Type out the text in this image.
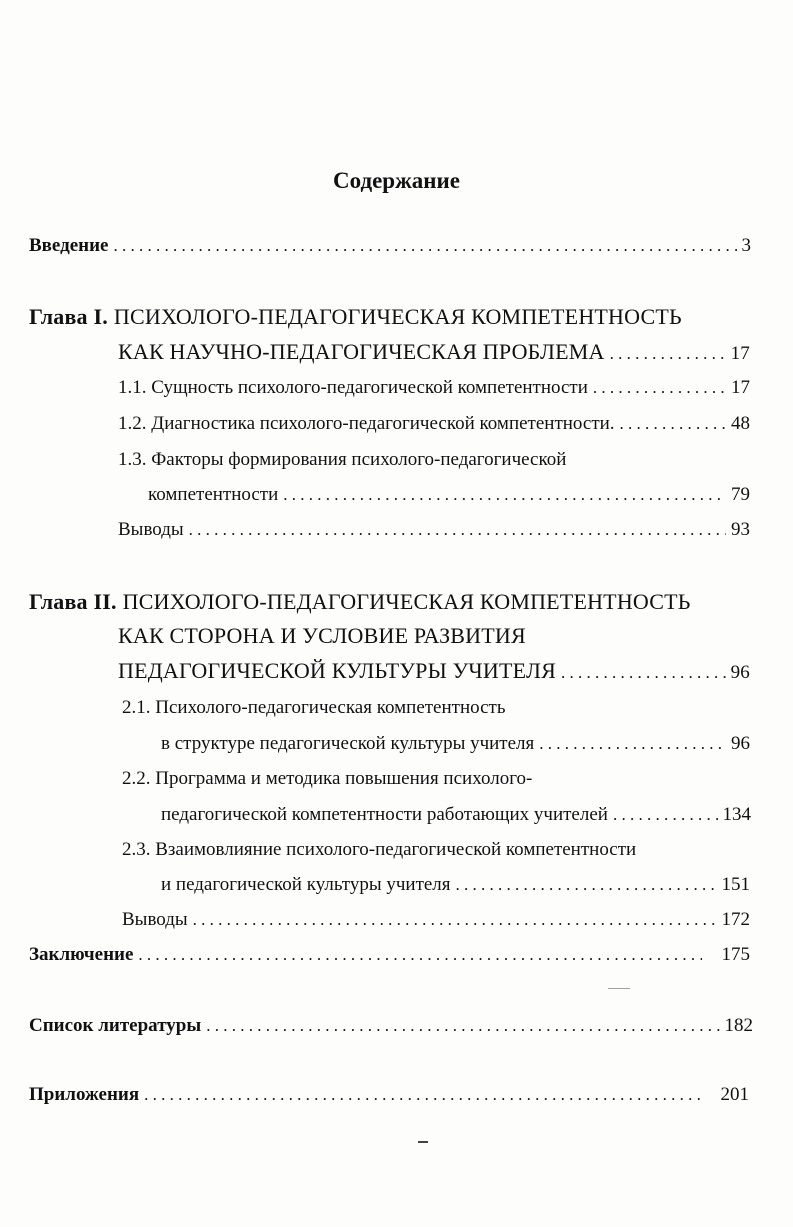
Содержание
Введение . . .	3
Глава I. ПСИХОЛОГО-ПЕДАГОГИЧЕСКАЯ КОМПЕТЕНТНОСТЬ
КАК НАУЧНО-ПЕДАГОГИЧЕСКАЯ ПРОБЛЕМА . . .	17
1.1. Сущность психолого-педагогической компетентности . . .	17
1.2. Диагностика психолого-педагогической компетентности. . . .	48
1.3. Факторы формирования психолого-педагогической
компетентности . . .	79
Выводы . . .	93
Глава II. ПСИХОЛОГО-ПЕДАГОГИЧЕСКАЯ КОМПЕТЕНТНОСТЬ
КАК СТОРОНА И УСЛОВИЕ РАЗВИТИЯ
ПЕДАГОГИЧЕСКОЙ КУЛЬТУРЫ УЧИТЕЛЯ . . .	96
2.1. Психолого-педагогическая компетентность
в структуре педагогической культуры учителя . . .	96
2.2. Программа и методика повышения психолого-
педагогической компетентности работающих учителей . . .	134
2.3. Взаимовлияние психолого-педагогической компетентности
и педагогической культуры учителя . . .	151
Выводы . . .	172
Заключение . . .	175
Список литературы . . .	182
Приложения . . .	201
